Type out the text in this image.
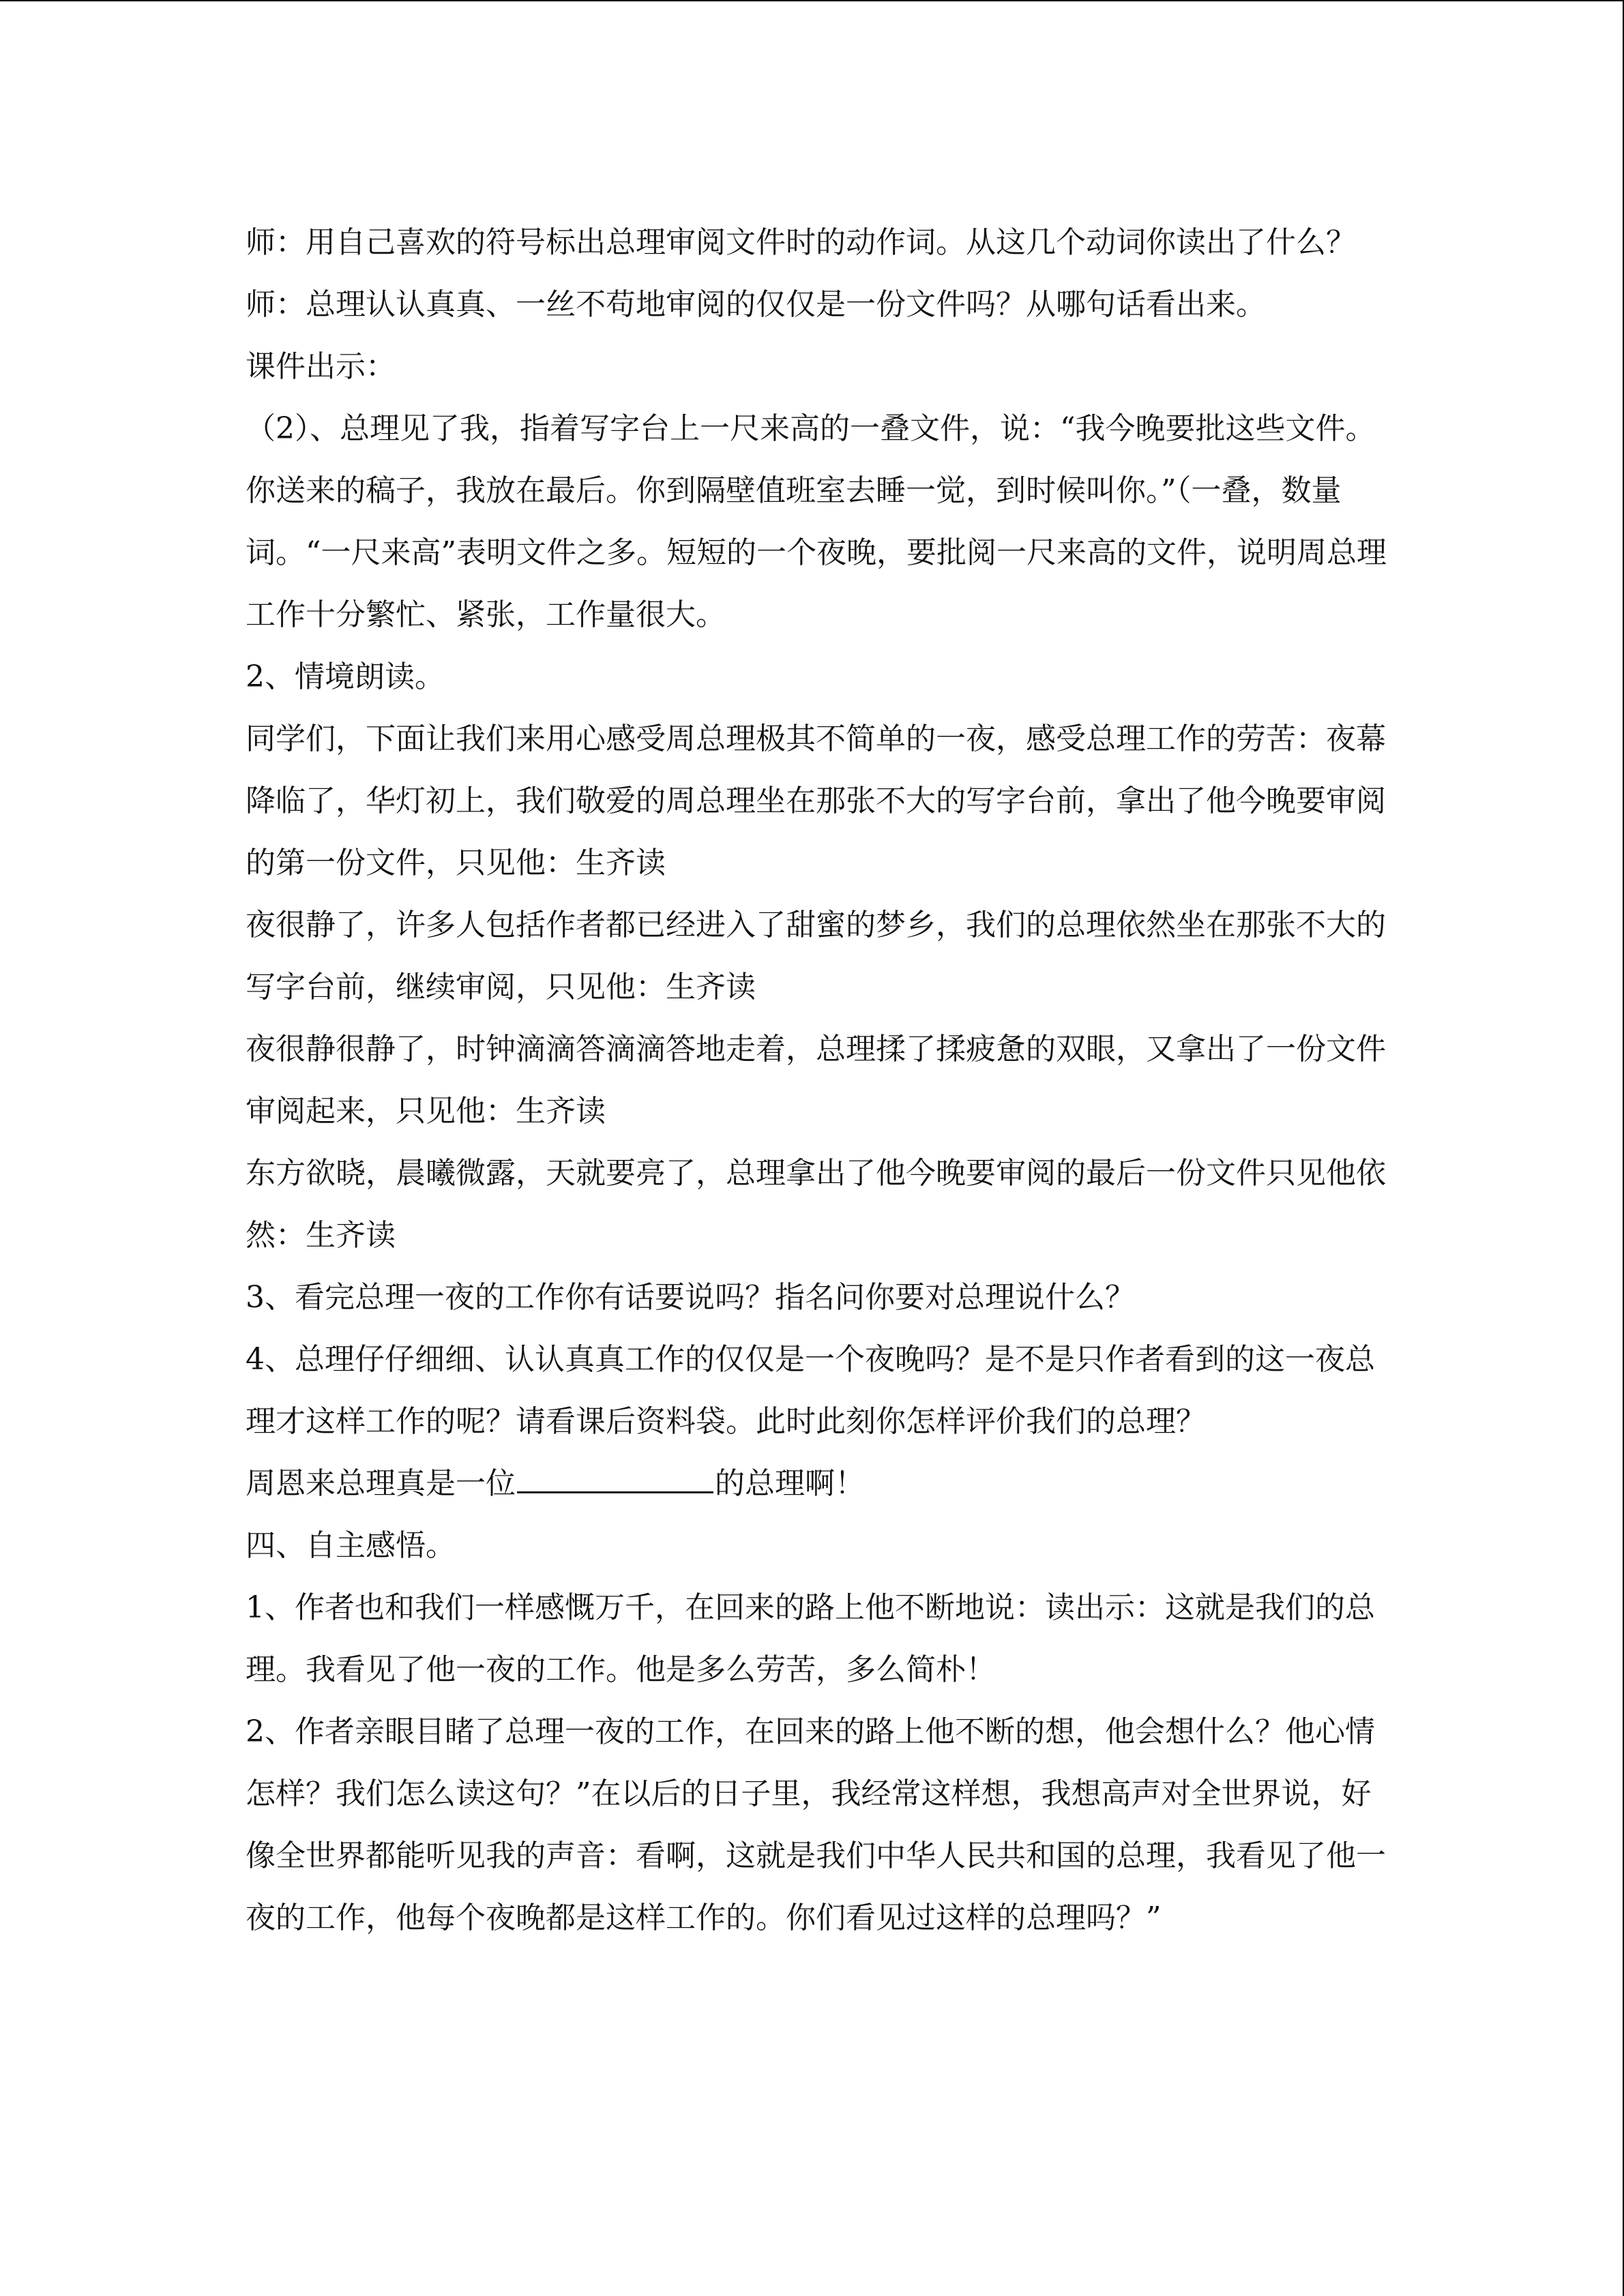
师：用自己喜欢的符号标出总理审阅文件时的动作词。从这几个动词你读出了什么？

师：总理认认真真、一丝不苟地审阅的仅仅是一份文件吗？从哪句话看出来。

课件出示：

（2）、总理见了我，指着写字台上一尺来高的一叠文件，说：“我今晚要批这些文件。你送来的稿子，我放在最后。你到隔壁值班室去睡一觉，到时候叫你。”（一叠，数量词。“一尺来高”表明文件之多。短短的一个夜晚，要批阅一尺来高的文件，说明周总理工作十分繁忙、紧张，工作量很大。

2、情境朗读。

同学们，下面让我们来用心感受周总理极其不简单的一夜，感受总理工作的劳苦：夜幕降临了，华灯初上，我们敬爱的周总理坐在那张不大的写字台前，拿出了他今晚要审阅的第一份文件，只见他：生齐读

夜很静了，许多人包括作者都已经进入了甜蜜的梦乡，我们的总理依然坐在那张不大的写字台前，继续审阅，只见他：生齐读

夜很静很静了，时钟滴滴答滴滴答地走着，总理揉了揉疲惫的双眼，又拿出了一份文件审阅起来，只见他：生齐读

东方欲晓，晨曦微露，天就要亮了，总理拿出了他今晚要审阅的最后一份文件只见他依然：生齐读

3、看完总理一夜的工作你有话要说吗？指名问你要对总理说什么？

4、总理仔仔细细、认认真真工作的仅仅是一个夜晚吗？是不是只作者看到的这一夜总理才这样工作的呢？请看课后资料袋。此时此刻你怎样评价我们的总理？

周恩来总理真是一位	的总理啊！

四、自主感悟。

1、作者也和我们一样感慨万千，在回来的路上他不断地说：读出示：这就是我们的总理。我看见了他一夜的工作。他是多么劳苦，多么简朴！

2、作者亲眼目睹了总理一夜的工作，在回来的路上他不断的想，他会想什么？他心情怎样？我们怎么读这句？”在以后的日子里，我经常这样想，我想高声对全世界说，好像全世界都能听见我的声音：看啊，这就是我们中华人民共和国的总理，我看见了他一夜的工作，他每个夜晚都是这样工作的。你们看见过这样的总理吗？”
